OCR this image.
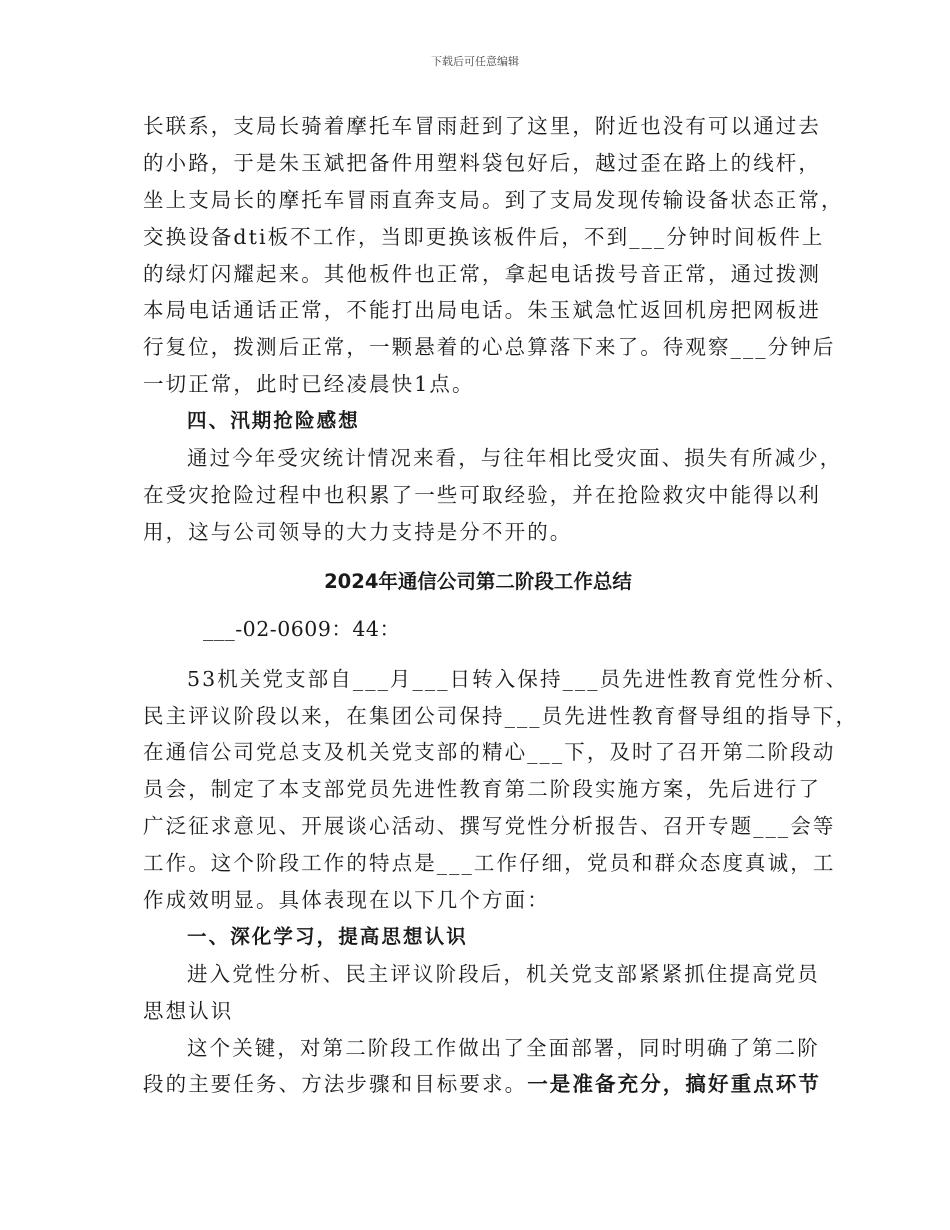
下载后可任意编辑
长联系，支局长骑着摩托车冒雨赶到了这里，附近也没有可以通过去
的小路，于是朱玉斌把备件用塑料袋包好后，越过歪在路上的线杆，
坐上支局长的摩托车冒雨直奔支局。到了支局发现传输设备状态正常，
交换设备dti板不工作，当即更换该板件后，不到___分钟时间板件上
的绿灯闪耀起来。其他板件也正常，拿起电话拨号音正常，通过拨测
本局电话通话正常，不能打出局电话。朱玉斌急忙返回机房把网板进
行复位，拨测后正常，一颗悬着的心总算落下来了。待观察___分钟后
一切正常，此时已经凌晨快1点。
四、汛期抢险感想
通过今年受灾统计情况来看，与往年相比受灾面、损失有所减少，
在受灾抢险过程中也积累了一些可取经验，并在抢险救灾中能得以利
用，这与公司领导的大力支持是分不开的。
2024年通信公司第二阶段工作总结
___-02-0609：44：
53机关党支部自___月___日转入保持___员先进性教育党性分析、
民主评议阶段以来，在集团公司保持___员先进性教育督导组的指导下，
在通信公司党总支及机关党支部的精心___下，及时了召开第二阶段动
员会，制定了本支部党员先进性教育第二阶段实施方案，先后进行了
广泛征求意见、开展谈心活动、撰写党性分析报告、召开专题___会等
工作。这个阶段工作的特点是___工作仔细，党员和群众态度真诚，工
作成效明显。具体表现在以下几个方面：
一、深化学习，提高思想认识
进入党性分析、民主评议阶段后，机关党支部紧紧抓住提高党员
思想认识
这个关键，对第二阶段工作做出了全面部署，同时明确了第二阶
段的主要任务、方法步骤和目标要求。一是准备充分，搞好重点环节
